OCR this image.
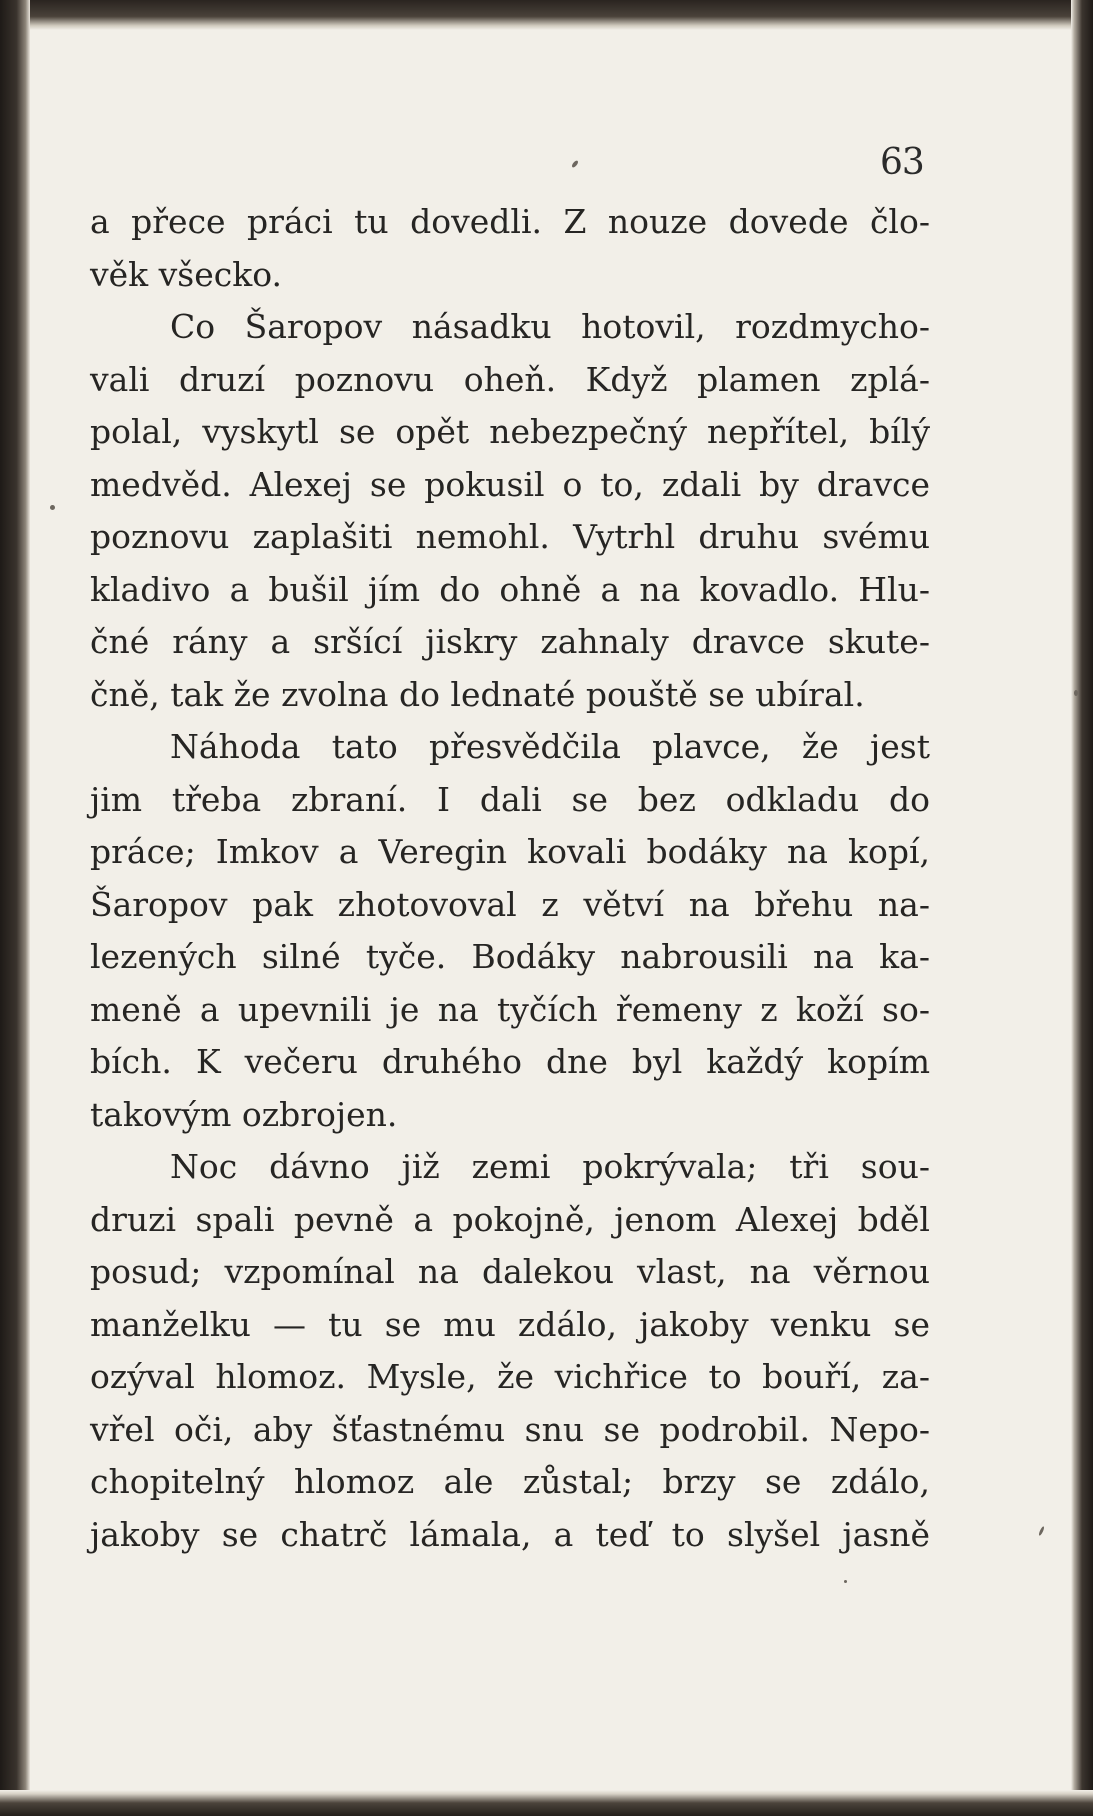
63
a přece práci tu dovedli. Z nouze dovede člo-
věk všecko.
Co Šaropov násadku hotovil, rozdmycho-
vali druzí poznovu oheň. Když plamen zplá-
polal, vyskytl se opět nebezpečný nepřítel, bílý
medvěd. Alexej se pokusil o to, zdali by dravce
poznovu zaplašiti nemohl. Vytrhl druhu svému
kladivo a bušil jím do ohně a na kovadlo. Hlu-
čné rány a sršící jiskry zahnaly dravce skute-
čně, tak že zvolna do lednaté pouště se ubíral.
Náhoda tato přesvědčila plavce, že jest
jim třeba zbraní. I dali se bez odkladu do
práce; Imkov a Veregin kovali bodáky na kopí,
Šaropov pak zhotovoval z větví na břehu na-
lezených silné tyče. Bodáky nabrousili na ka-
meně a upevnili je na tyčích řemeny z koží so-
bích. K večeru druhého dne byl každý kopím
takovým ozbrojen.
Noc dávno již zemi pokrývala; tři sou-
druzi spali pevně a pokojně, jenom Alexej bděl
posud; vzpomínal na dalekou vlast, na věrnou
manželku — tu se mu zdálo, jakoby venku se
ozýval hlomoz. Mysle, že vichřice to bouří, za-
vřel oči, aby šťastnému snu se podrobil. Nepo-
chopitelný hlomoz ale zůstal; brzy se zdálo,
jakoby se chatrč lámala, a teď to slyšel jasně
